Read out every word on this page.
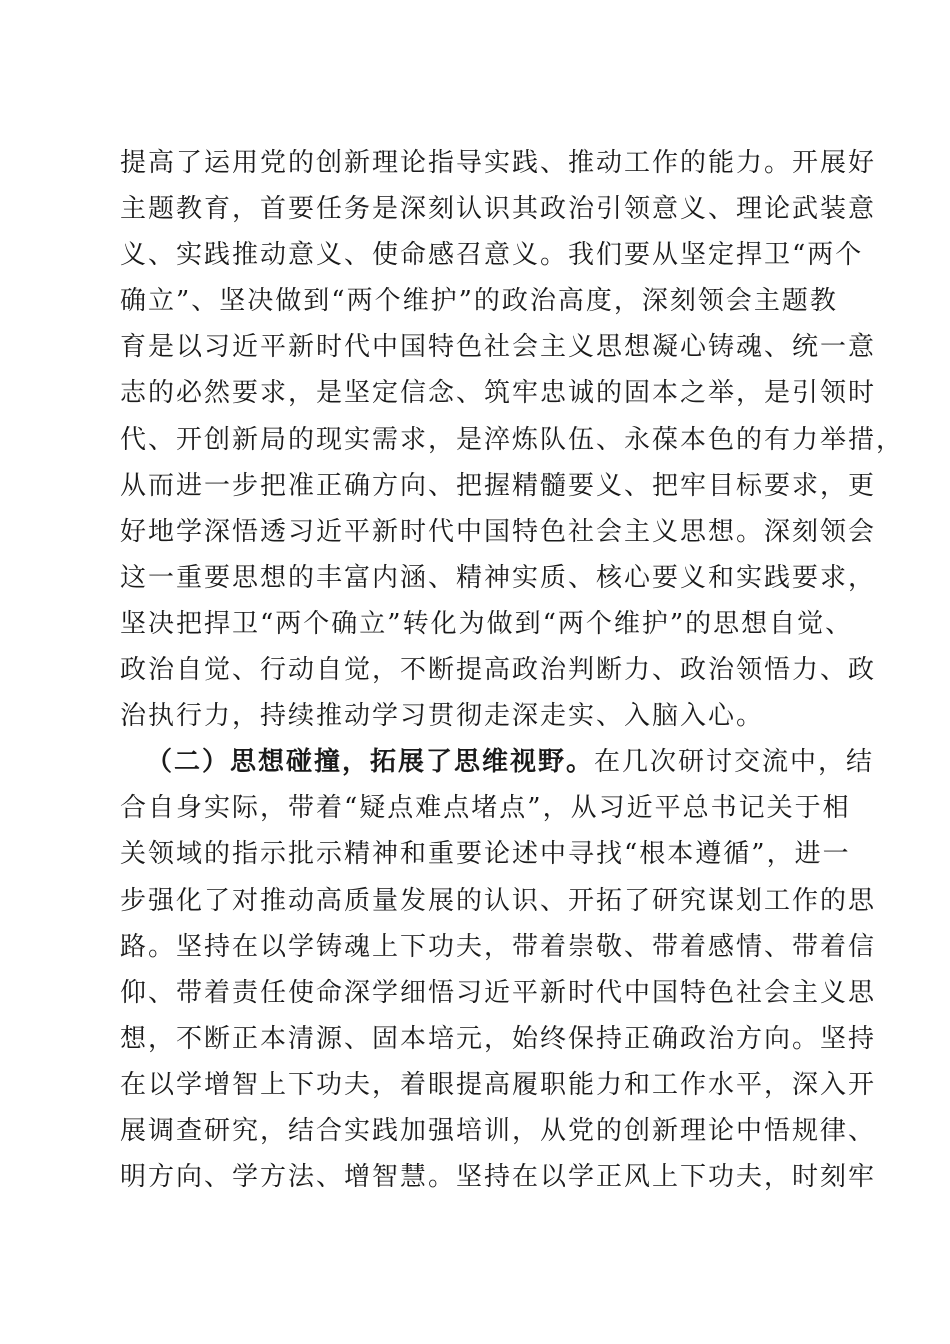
提高了运用党的创新理论指导实践、推动工作的能力。开展好
主题教育，首要任务是深刻认识其政治引领意义、理论武装意
义、实践推动意义、使命感召意义。我们要从坚定捍卫“两个
确立”、坚决做到“两个维护”的政治高度，深刻领会主题教
育是以习近平新时代中国特色社会主义思想凝心铸魂、统一意
志的必然要求，是坚定信念、筑牢忠诚的固本之举，是引领时
代、开创新局的现实需求，是淬炼队伍、永葆本色的有力举措，
从而进一步把准正确方向、把握精髓要义、把牢目标要求，更
好地学深悟透习近平新时代中国特色社会主义思想。深刻领会
这一重要思想的丰富内涵、精神实质、核心要义和实践要求，
坚决把捍卫“两个确立”转化为做到“两个维护”的思想自觉、
政治自觉、行动自觉，不断提高政治判断力、政治领悟力、政
治执行力，持续推动学习贯彻走深走实、入脑入心。
（二）思想碰撞，拓展了思维视野。在几次研讨交流中，结
合自身实际，带着“疑点难点堵点”，从习近平总书记关于相
关领域的指示批示精神和重要论述中寻找“根本遵循”，进一
步强化了对推动高质量发展的认识、开拓了研究谋划工作的思
路。坚持在以学铸魂上下功夫，带着崇敬、带着感情、带着信
仰、带着责任使命深学细悟习近平新时代中国特色社会主义思
想，不断正本清源、固本培元，始终保持正确政治方向。坚持
在以学增智上下功夫，着眼提高履职能力和工作水平，深入开
展调查研究，结合实践加强培训，从党的创新理论中悟规律、
明方向、学方法、增智慧。坚持在以学正风上下功夫，时刻牢
